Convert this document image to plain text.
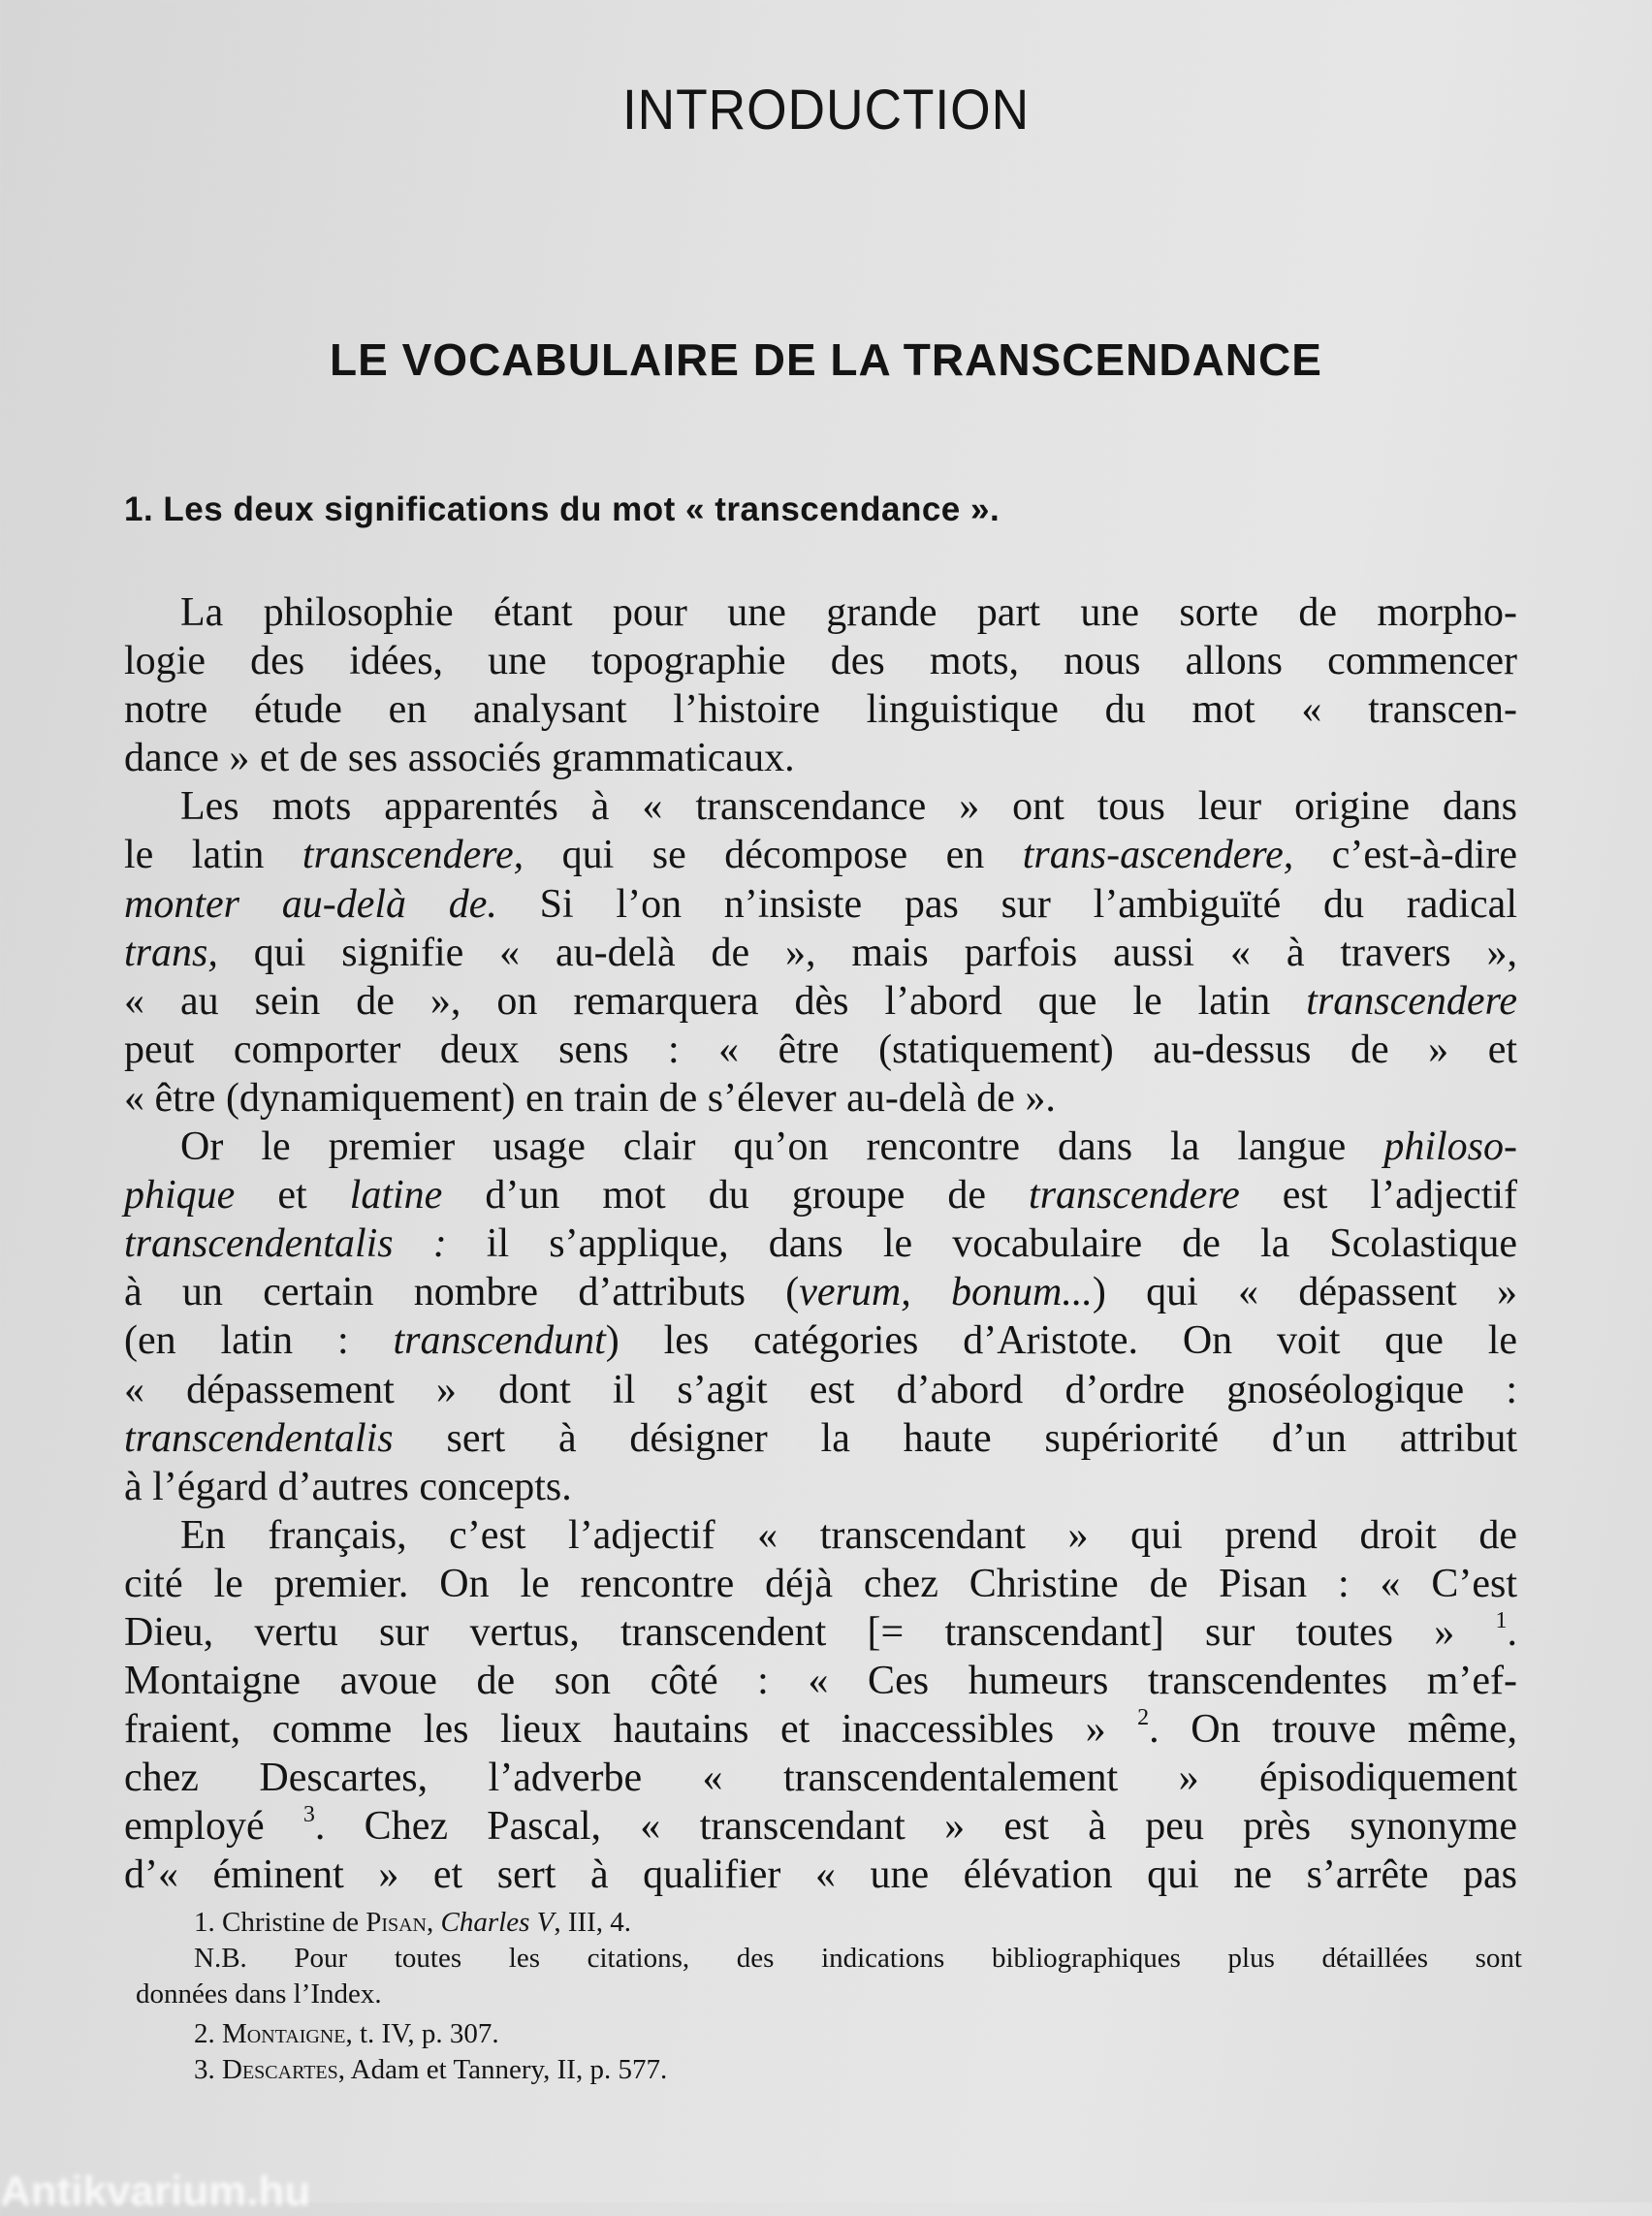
INTRODUCTION
LE VOCABULAIRE DE LA TRANSCENDANCE
1. Les deux significations du mot « transcendance ».
La philosophie étant pour une grande part une sorte de morpho-
logie des idées, une topographie des mots, nous allons commencer
notre étude en analysant l’histoire linguistique du mot « transcen-
dance » et de ses associés grammaticaux.
Les mots apparentés à « transcendance » ont tous leur origine dans
le latin transcendere, qui se décompose en trans-ascendere, c’est-à-dire
monter au-delà de. Si l’on n’insiste pas sur l’ambiguïté du radical
trans, qui signifie « au-delà de », mais parfois aussi « à travers »,
« au sein de », on remarquera dès l’abord que le latin transcendere
peut comporter deux sens : « être (statiquement) au-dessus de » et
« être (dynamiquement) en train de s’élever au-delà de ».
Or le premier usage clair qu’on rencontre dans la langue philoso-
phique et latine d’un mot du groupe de transcendere est l’adjectif
transcendentalis : il s’applique, dans le vocabulaire de la Scolastique
à un certain nombre d’attributs (verum, bonum...) qui « dépassent »
(en latin : transcendunt) les catégories d’Aristote. On voit que le
« dépassement » dont il s’agit est d’abord d’ordre gnoséologique :
transcendentalis sert à désigner la haute supériorité d’un attribut
à l’égard d’autres concepts.
En français, c’est l’adjectif « transcendant » qui prend droit de
cité le premier. On le rencontre déjà chez Christine de Pisan : « C’est
Dieu, vertu sur vertus, transcendent [= transcendant] sur toutes » $^1$.
Montaigne avoue de son côté : « Ces humeurs transcendentes m’ef-
fraient, comme les lieux hautains et inaccessibles » $^2$. On trouve même,
chez Descartes, l’adverbe « transcendentalement » épisodiquement
employé $^3$. Chez Pascal, « transcendant » est à peu près synonyme
d’« éminent » et sert à qualifier « une élévation qui ne s’arrête pas
1. Christine de Pisan, Charles V, III, 4.
N.B. Pour toutes les citations, des indications bibliographiques plus détaillées sont
données dans l’Index.
2. Montaigne, t. IV, p. 307.
3. Descartes, Adam et Tannery, II, p. 577.
Antikvarium.hu
